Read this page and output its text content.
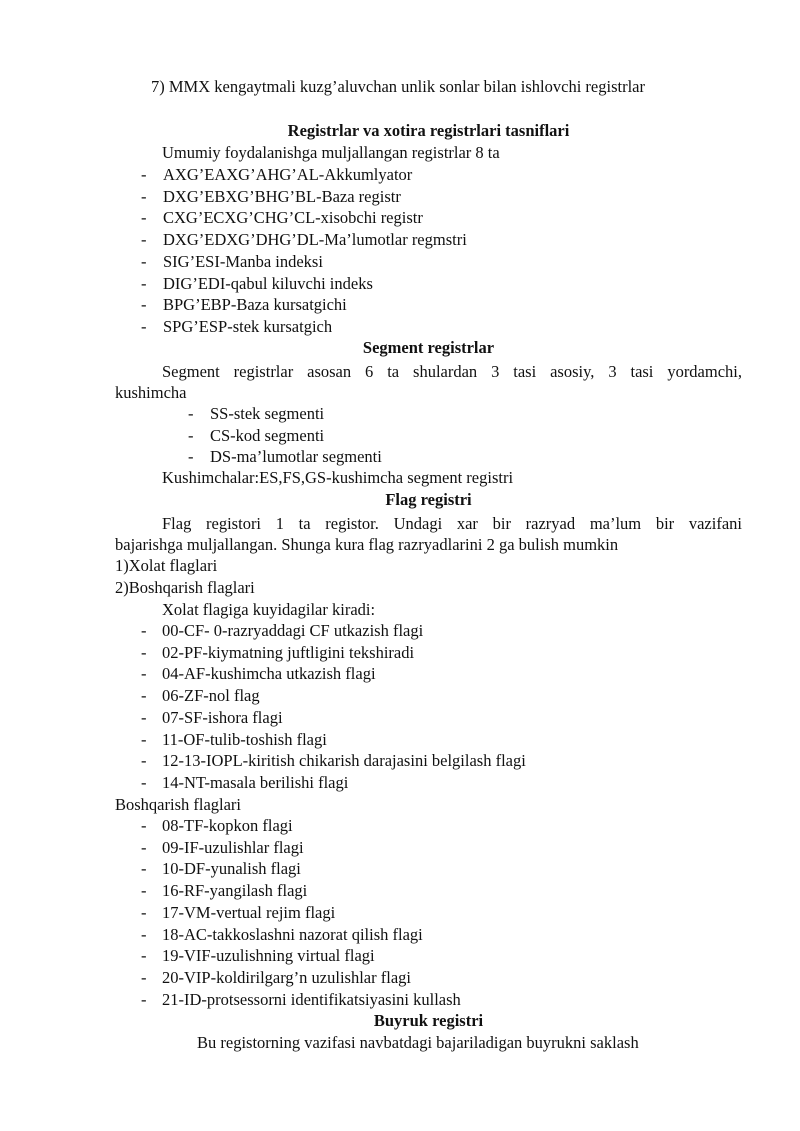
7) MMX kengaytmali kuzg’aluvchan unlik sonlar bilan ishlovchi registrlar
Registrlar va xotira registrlari tasniflari
Umumiy foydalanishga muljallangan registrlar 8 ta
- AXG’EAXG’AHG’AL-Akkumlyator
- DXG’EBXG’BHG’BL-Baza registr
- CXG’ECXG’CHG’CL-xisobchi registr
- DXG’EDXG’DHG’DL-Ma’lumotlar regmstri
- SIG’ESI-Manba indeksi
- DIG’EDI-qabul kiluvchi indeks
- BPG’EBP-Baza kursatgichi
- SPG’ESP-stek kursatgich
Segment registrlar
Segment registrlar asosan 6 ta shulardan 3 tasi asosiy, 3 tasi yordamchi,
kushimcha
- SS-stek segmenti
- CS-kod segmenti
- DS-ma’lumotlar segmenti
Kushimchalar:ES,FS,GS-kushimcha segment registri
Flag registri
Flag registori 1 ta registor. Undagi xar bir razryad ma’lum bir vazifani
bajarishga muljallangan. Shunga kura flag razryadlarini 2 ga bulish mumkin
1)Xolat flaglari
2)Boshqarish flaglari
Xolat flagiga kuyidagilar kiradi:
- 00-CF- 0-razryaddagi CF utkazish flagi
- 02-PF-kiymatning juftligini tekshiradi
- 04-AF-kushimcha utkazish flagi
- 06-ZF-nol flag
- 07-SF-ishora flagi
- 11-OF-tulib-toshish flagi
- 12-13-IOPL-kiritish chikarish darajasini belgilash flagi
- 14-NT-masala berilishi flagi
Boshqarish flaglari
- 08-TF-kopkon flagi
- 09-IF-uzulishlar flagi
- 10-DF-yunalish flagi
- 16-RF-yangilash flagi
- 17-VM-vertual rejim flagi
- 18-AC-takkoslashni nazorat qilish flagi
- 19-VIF-uzulishning virtual flagi
- 20-VIP-koldirilgarg’n uzulishlar flagi
- 21-ID-protsessorni identifikatsiyasini kullash
Buyruk registri
Bu registorning vazifasi navbatdagi bajariladigan buyrukni saklash
